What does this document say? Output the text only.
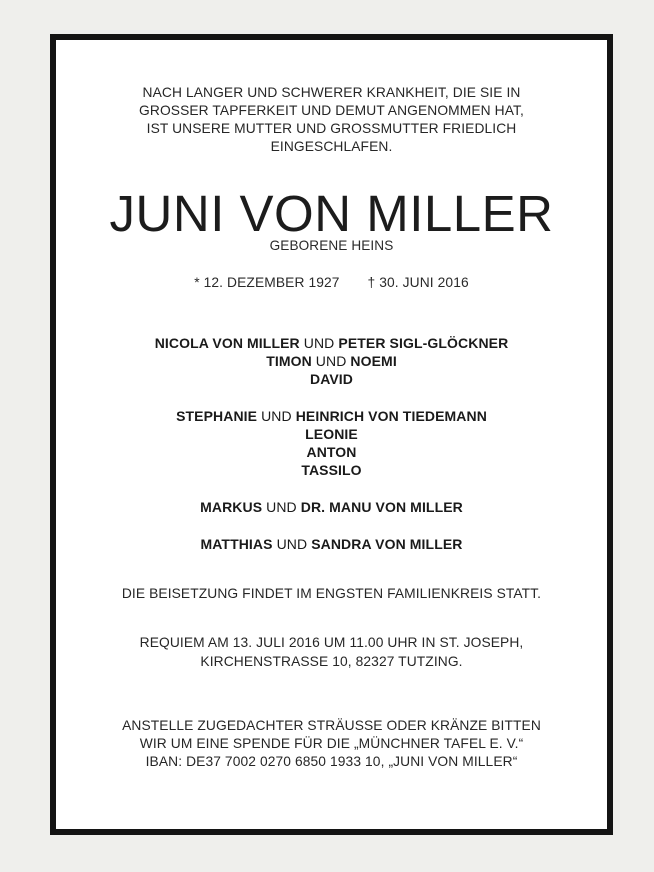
NACH LANGER UND SCHWERER KRANKHEIT, DIE SIE IN

GROSSER TAPFERKEIT UND DEMUT ANGENOMMEN HAT,

IST UNSERE MUTTER UND GROSSMUTTER FRIEDLICH

EINGESCHLAFEN.

JUNI VON MILLER

GEBORENE HEINS

* 12. DEZEMBER 1927 † 30. JUNI 2016

NICOLA VON MILLER UND PETER SIGL-GLÖCKNER

TIMON UND NOEMI

DAVID

STEPHANIE UND HEINRICH VON TIEDEMANN

LEONIE

ANTON

TASSILO

MARKUS UND DR. MANU VON MILLER

MATTHIAS UND SANDRA VON MILLER

DIE BEISETZUNG FINDET IM ENGSTEN FAMILIENKREIS STATT.

REQUIEM AM 13. JULI 2016 UM 11.00 UHR IN ST. JOSEPH,

KIRCHENSTRASSE 10, 82327 TUTZING.

ANSTELLE ZUGEDACHTER STRÄUSSE ODER KRÄNZE BITTEN

WIR UM EINE SPENDE FÜR DIE „MÜNCHNER TAFEL E. V.“

IBAN: DE37 7002 0270 6850 1933 10, „JUNI VON MILLER“
